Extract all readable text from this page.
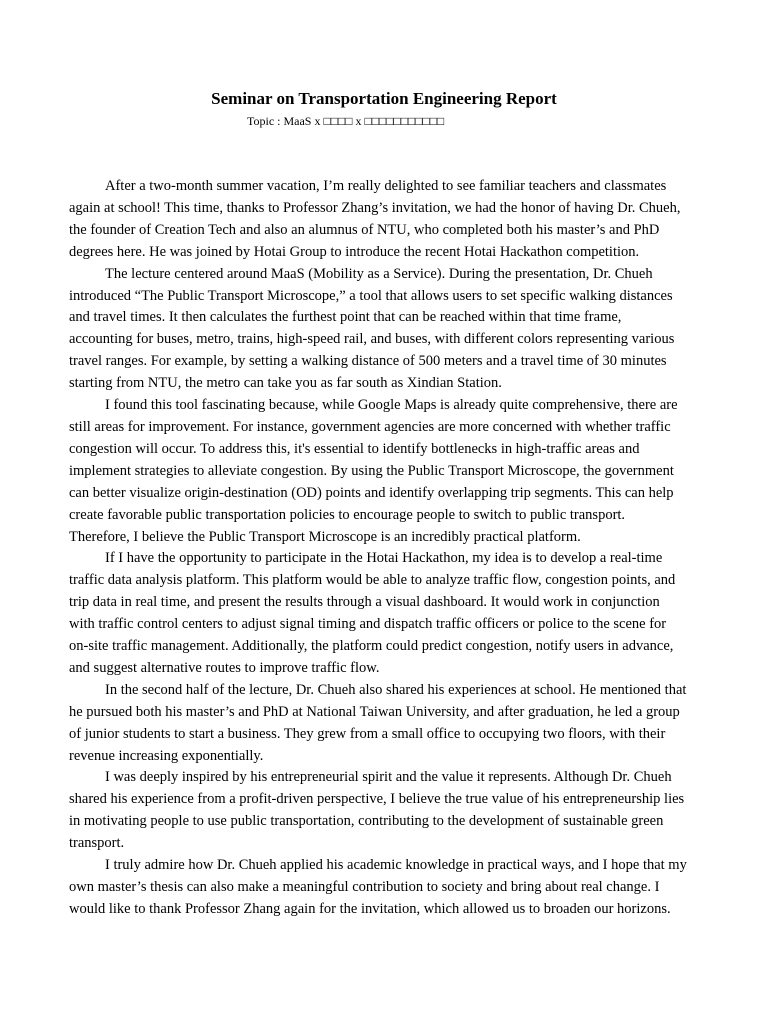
Seminar on Transportation Engineering Report
Topic : MaaS x □□□□ x □□□□□□□□□□□

After a two-month summer vacation, I’m really delighted to see familiar teachers and classmates again at school! This time, thanks to Professor Zhang’s invitation, we had the honor of having Dr. Chueh, the founder of Creation Tech and also an alumnus of NTU, who completed both his master’s and PhD degrees here. He was joined by Hotai Group to introduce the recent Hotai Hackathon competition.

The lecture centered around MaaS (Mobility as a Service). During the presentation, Dr. Chueh introduced “The Public Transport Microscope,” a tool that allows users to set specific walking distances and travel times. It then calculates the furthest point that can be reached within that time frame, accounting for buses, metro, trains, high-speed rail, and buses, with different colors representing various travel ranges. For example, by setting a walking distance of 500 meters and a travel time of 30 minutes starting from NTU, the metro can take you as far south as Xindian Station.

I found this tool fascinating because, while Google Maps is already quite comprehensive, there are still areas for improvement. For instance, government agencies are more concerned with whether traffic congestion will occur. To address this, it's essential to identify bottlenecks in high-traffic areas and implement strategies to alleviate congestion. By using the Public Transport Microscope, the government can better visualize origin-destination (OD) points and identify overlapping trip segments. This can help create favorable public transportation policies to encourage people to switch to public transport. Therefore, I believe the Public Transport Microscope is an incredibly practical platform.

If I have the opportunity to participate in the Hotai Hackathon, my idea is to develop a real-time traffic data analysis platform. This platform would be able to analyze traffic flow, congestion points, and trip data in real time, and present the results through a visual dashboard. It would work in conjunction with traffic control centers to adjust signal timing and dispatch traffic officers or police to the scene for on-site traffic management. Additionally, the platform could predict congestion, notify users in advance, and suggest alternative routes to improve traffic flow.

In the second half of the lecture, Dr. Chueh also shared his experiences at school. He mentioned that he pursued both his master’s and PhD at National Taiwan University, and after graduation, he led a group of junior students to start a business. They grew from a small office to occupying two floors, with their revenue increasing exponentially.

I was deeply inspired by his entrepreneurial spirit and the value it represents. Although Dr. Chueh shared his experience from a profit-driven perspective, I believe the true value of his entrepreneurship lies in motivating people to use public transportation, contributing to the development of sustainable green transport.

I truly admire how Dr. Chueh applied his academic knowledge in practical ways, and I hope that my own master’s thesis can also make a meaningful contribution to society and bring about real change. I would like to thank Professor Zhang again for the invitation, which allowed us to broaden our horizons.
